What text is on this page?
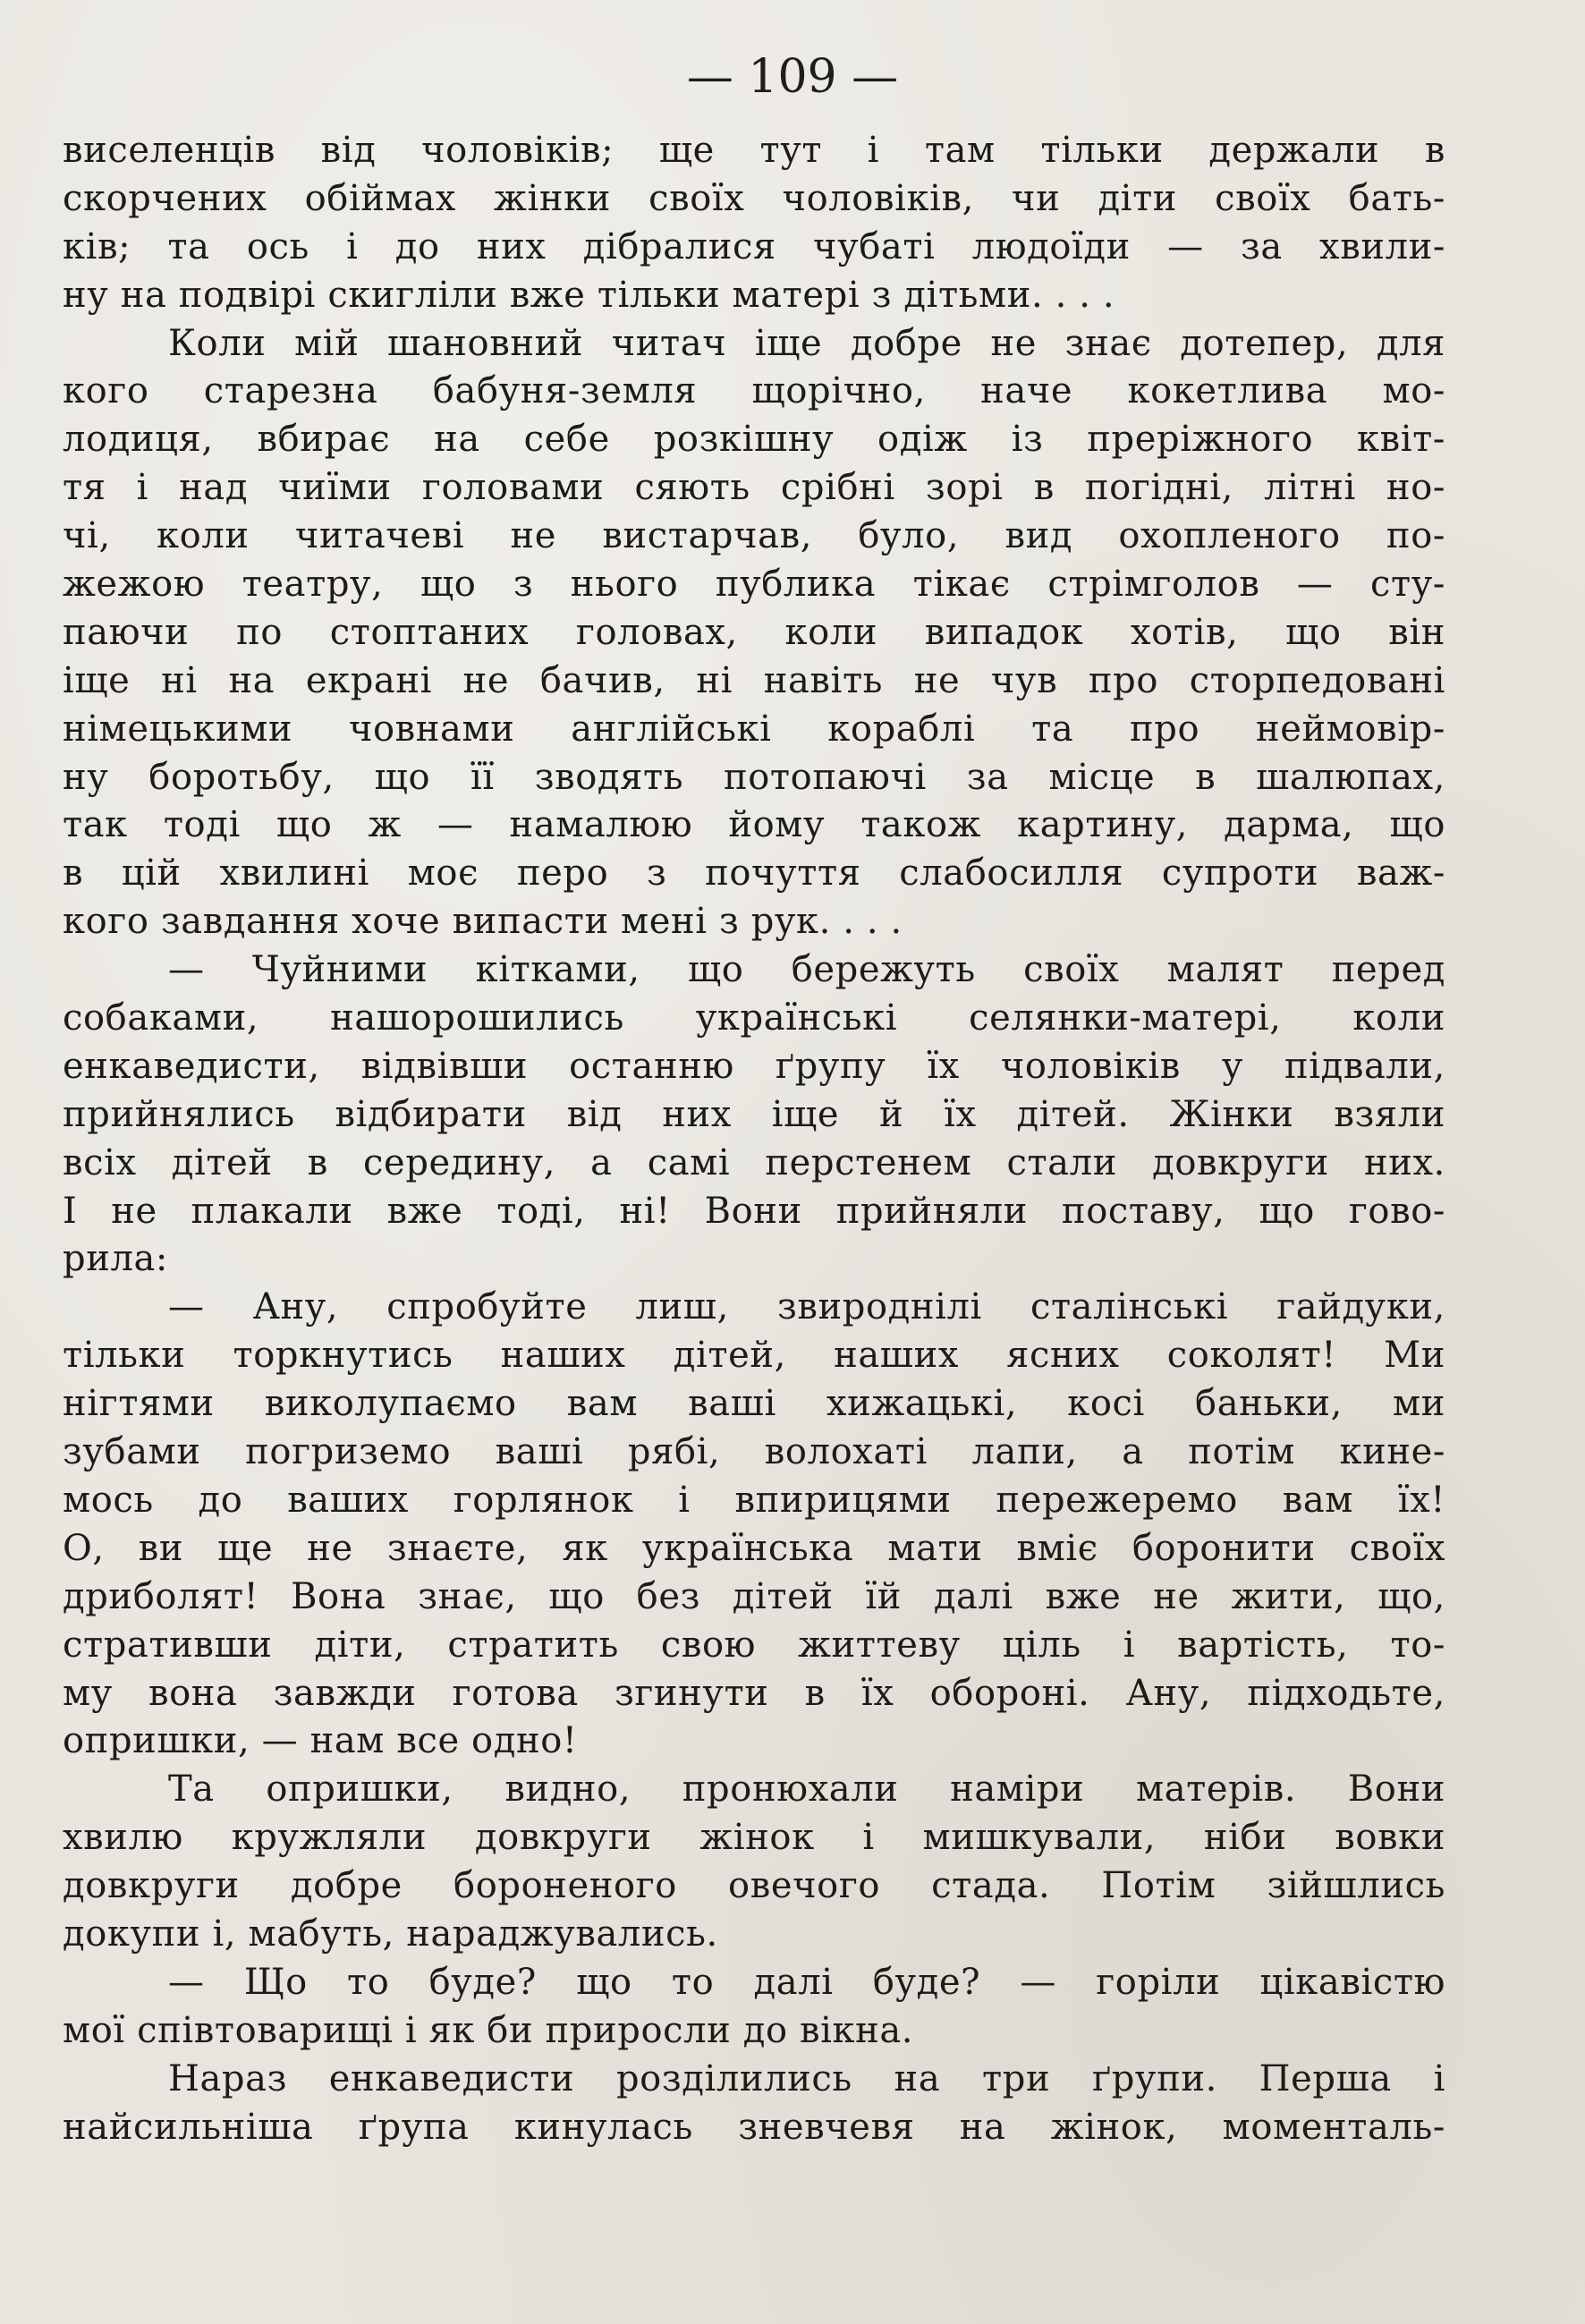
— 109 —
виселенців від чоловіків; ще тут і там тільки держали в
скорчених обіймах жінки своїх чоловіків, чи діти своїх бать-
ків; та ось і до них дібралися чубаті людоїди — за хвили-
ну на подвірі скигліли вже тільки матері з дітьми. . . .
Коли мій шановний читач іще добре не знає дотепер, для
кого старезна бабуня-земля щорічно, наче кокетлива мо-
лодиця, вбирає на себе розкішну одіж із преріжного квіт-
тя і над чиїми головами сяють срібні зорі в погідні, літні но-
чі, коли читачеві не вистарчав, було, вид охопленого по-
жежою театру, що з нього публика тікає стрімголов — сту-
паючи по стоптаних головах, коли випадок хотів, що він
іще ні на екрані не бачив, ні навіть не чув про сторпедовані
німецькими човнами англійські кораблі та про неймовір-
ну боротьбу, що її зводять потопаючі за місце в шалюпах,
так тоді що ж — намалюю йому також картину, дарма, що
в цій хвилині моє перо з почуття слабосилля супроти важ-
кого завдання хоче випасти мені з рук. . . .
— Чуйними кітками, що бережуть своїх малят перед
собаками, нашорошились українські селянки-матері, коли
енкаведисти, відвівши останню ґрупу їх чоловіків у підвали,
прийнялись відбирати від них іще й їх дітей. Жінки взяли
всіх дітей в середину, а самі перстенем стали довкруги них.
І не плакали вже тоді, ні! Вони прийняли поставу, що гово-
рила:
— Ану, спробуйте лиш, звироднілі сталінські гайдуки,
тільки торкнутись наших дітей, наших ясних соколят! Ми
нігтями виколупаємо вам ваші хижацькі, косі баньки, ми
зубами погриземо ваші рябі, волохаті лапи, а потім кине-
мось до ваших горлянок і впирицями пережеремо вам їх!
О, ви ще не знаєте, як українська мати вміє боронити своїх
дриболят! Вона знає, що без дітей їй далі вже не жити, що,
стративши діти, стратить свою життеву ціль і вартість, то-
му вона завжди готова згинути в їх обороні. Ану, підходьте,
опришки, — нам все одно!
Та опришки, видно, пронюхали наміри матерів. Вони
хвилю кружляли довкруги жінок і мишкували, ніби вовки
довкруги добре бороненого овечого стада. Потім зійшлись
докупи і, мабуть, нараджувались.
— Що то буде? що то далі буде? — горіли цікавістю
мої співтоварищі і як би приросли до вікна.
Нараз енкаведисти розділились на три ґрупи. Перша і
найсильніша ґрупа кинулась зневчевя на жінок, моменталь-
